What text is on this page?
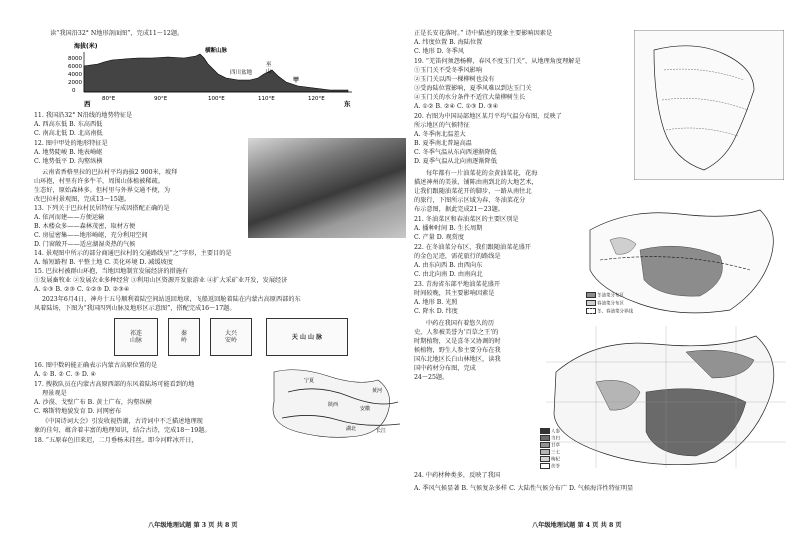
读“我国沿32° N地形剖面图”，完成11～12题。
海拔(米)
8000
6000
4000
2000
0
横断山脉
四川盆地
巫
山
甲
80°E	90°E	100°E	110°E	120°E
西	东
11. 我国沿32° N沿线的地势特征是
A. 西高东低 B. 东高西低
C. 南高北低 D. 北高南低
12. 图中甲处的地形特征是
A. 地势陡峻 B. 地表崎岖
C. 地势低平 D. 沟壑纵横
云南省香格里拉的巴拉村平均海拔2 900米，坡拜
山环抱，村里有许多牛羊，周围山体植被稀疏。
生态好，原始森林多。但村里与外界交通不便，为
改巴拉村景观图，完成13～15题。
13. 下列关于巴拉村民居特征与成因搭配正确的是
A. 依河而建——方便运输
B. 木楼众多——森林茂密，取材方便
C. 房屋密集——地形崎岖，充分利用空间
D. 门窗敞开——适应湖湿炎热的气候
14. 景观图中所示的部分商通巴拉村的交通路线呈“之”字形，主要目的是
A. 缩短路程 B. 平整土地 C. 美化环境 D. 减缓坡度
15. 巴拉村被群山环抱，当地因地制宜发展经济的措施有
①发展畜牧业 ②发展农业多种经营 ③利用山区资源开发旅游业 ④扩大采矿业开发，发展经济
A. ①③ B. ②③ C. ①②③ D. ②③④
2023年6月4日，神舟十五号顺利着陆空间站返回地球，飞船返回舱着陆在内蒙古高原西部的东
风着陆场，下图为“我国四列山脉及地形区示意图”，搭配完成16～17题。
祁连
山脉
秦
岭
大兴
安岭	天 山 山 脉
16. 图中数码能正确表示内蒙古高原位置的是
A. ① B. ② C. ③ D. ④
17. 搜救队员在内蒙古高原西部的东风着陆场可能看到的地
理景观是
A. 沙漠、戈壁广布 B. 黄土广布，沟壑纵横
C. 喀斯特地貌发育 D. 河网密布
宁夏
陕西
安徽
湖北
黄河
长江
《中国诗词大会》引发收视热潮，古诗词中不乏描述地理现
象的佳句，蕴含着丰富的地理知识，结合古诗，完成18～19题。
18. “五原春色旧来迟，二月垂杨未挂丝。即今河畔冰开日，
八年级地理试题 第 3 页 共 8 页
正是长安花落时。” 诗中描述的现象主要影响因素是
A. 纬度位置 B. 海陆位置
C. 地形 D. 冬季风
19. “羌笛何须怨杨柳，春风不度玉门关”，从地理角度理解是
①玉门关不受冬季风影响
②玉门关以西一棵柳树也没有
③受海陆位置影响，夏季风难以到达玉门关
④玉门关的水分条件不适宜大量柳树生长
A. ①② B. ②④ C. ①③ D. ③④
20. 右图为中国局部地区某月平均气温分布图，反映了
所示地区的气候特征
A. 冬季南北温差大
B. 夏季南北普遍高温
C. 冬季气温从东向西递渐降低
D. 夏季气温从北向南逐渐降低
每年都有一片油菜花的金黄油菜花，花海
描述神州的美景，铺陈由南到北的大地艺术，
让我们跟随油菜花开的脚步，一路从南往北
的旅行，下图所示区域为春、冬油菜花分
布示意图，据此完成21～23题。
21. 冬油菜区和春油菜区的主要区别是
A. 播种时间 B. 生长周期
C. 产量 D. 观赏度
22. 在冬油菜分布区，我们跟随油菜花盛开
的金色足迹，需花旅行的路线是
A. 由东向西 B. 由西向东
C. 由北向南 D. 由南向北
23. 青海省东部平地油菜花盛开
时间较晚，其主要影响因素是
A. 地形 B. 光照
C. 降水 D. 纬度
冬油菜分布区
春油菜分布区
冬、春油菜分界线
中药在我国有着悠久的历
史，人参被美誉为‘百草之王’的
时期植物，又是喜冬又协调的时
候植物，野生人参主要分布在我
国东北地区长白山林地区，读我
国中药材分布图，完成
24～25题。
人参
当归
甘草
三七
枸杞
茯苓
24. 中药材种类多，反映了我国
A. 季风气候显著 B. 气候复杂多样 C. 大陆性气候分布广 D. 气候海洋性特征明显
八年级地理试题 第 4 页 共 8 页
